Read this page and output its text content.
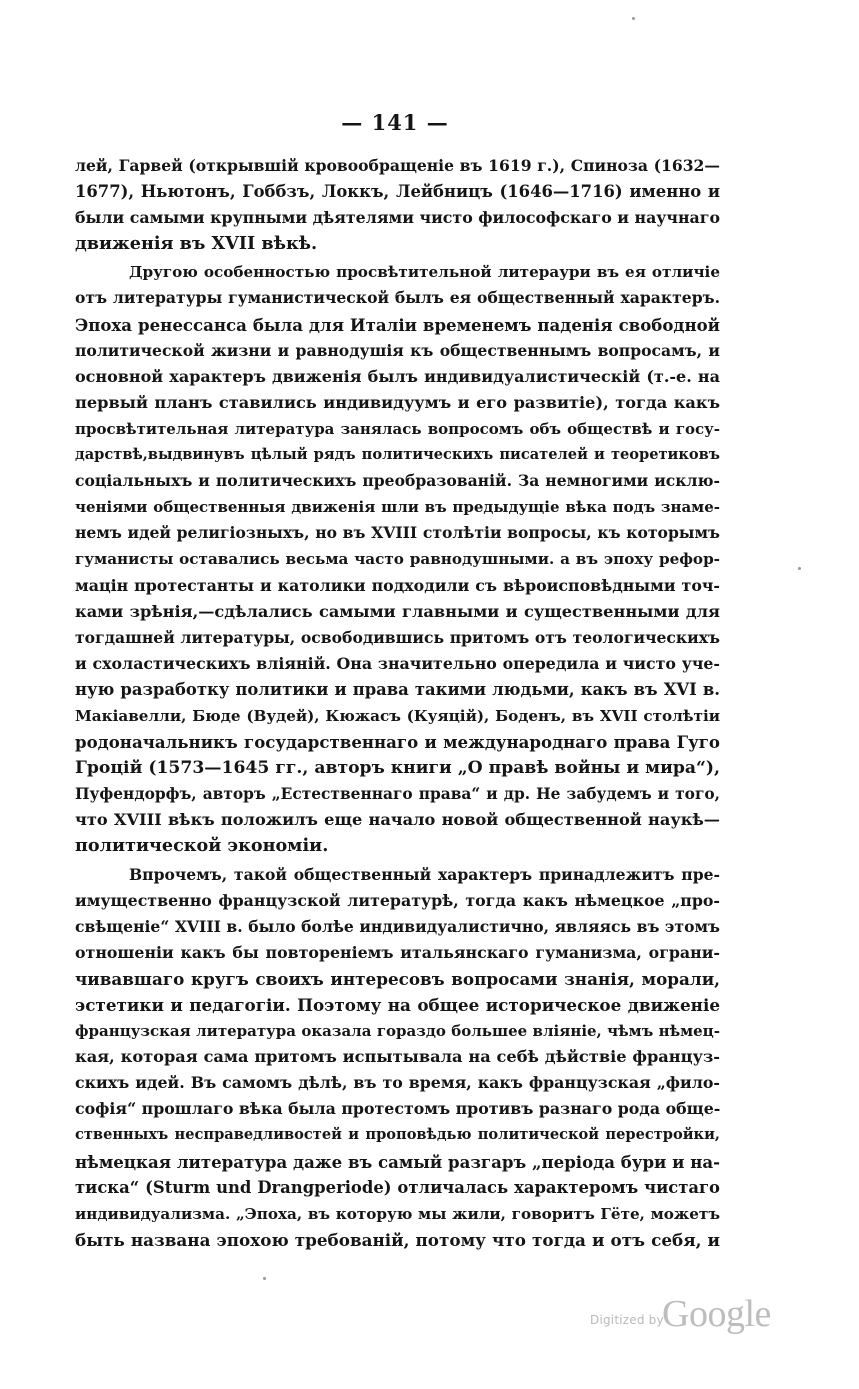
— 141 —
лей, Гарвей (открывшій кровообращеніе въ 1619 г.), Спиноза (1632—
1677), Ньютонъ, Гоббзъ, Локкъ, Лейбницъ (1646—1716) именно и
были самыми крупными дѣятелями чисто философскаго и научнаго
движенія въ XVII вѣкѣ.
Другою особенностью просвѣтительной литераури въ ея отличіе
отъ литературы гуманистической былъ ея общественный характеръ.
Эпоха ренессанса была для Италіи временемъ паденія свободной
политической жизни и равнодушія къ общественнымъ вопросамъ, и
основной характеръ движенія былъ индивидуалистическій (т.-е. на
первый планъ ставились индивидуумъ и его развитіе), тогда какъ
просвѣтительная литература занялась вопросомъ объ обществѣ и госу-
дарствѣ,выдвинувъ цѣлый рядъ политическихъ писателей и теоретиковъ
соціальныхъ и политическихъ преобразованій. За немногими исклю-
ченіями общественныя движенія шли въ предыдущіе вѣка подъ знаме-
немъ идей религіозныхъ, но въ XVIII столѣтіи вопросы, къ которымъ
гуманисты оставались весьма часто равнодушными. а въ эпоху рефор-
мацін протестанты и католики подходили съ вѣроисповѣдными точ-
ками зрѣнія,—сдѣлались самыми главными и существенными для
тогдашней литературы, освободившись притомъ отъ теологическихъ
и схоластическихъ вліяній. Она значительно опередила и чисто уче-
ную разработку политики и права такими людьми, какъ въ XVI в.
Макіавелли, Бюде (Вудей), Кюжасъ (Куяцій), Боденъ, въ XVII столѣтіи
родоначальникъ государственнаго и международнаго права Гуго
Гроцій (1573—1645 гг., авторъ книги „О правѣ войны и мира“),
Пуфендорфъ, авторъ „Естественнаго права“ и др. Не забудемъ и того,
что XVIII вѣкъ положилъ еще начало новой общественной наукѣ—
политической экономіи.
Впрочемъ, такой общественный характеръ принадлежитъ пре-
имущественно французской литературѣ, тогда какъ нѣмецкое „про-
свѣщеніе“ XVIII в. было болѣе индивидуалистично, являясь въ этомъ
отношеніи какъ бы повтореніемъ итальянскаго гуманизма, ограни-
чивавшаго кругъ своихъ интересовъ вопросами знанія, морали,
эстетики и педагогіи. Поэтому на общее историческое движеніе
французская литература оказала гораздо большее вліяніе, чѣмъ нѣмец-
кая, которая сама притомъ испытывала на себѣ дѣйствіе француз-
скихъ идей. Въ самомъ дѣлѣ, въ то время, какъ французская „фило-
софія“ прошлаго вѣка была протестомъ противъ разнаго рода обще-
ственныхъ несправедливостей и проповѣдью политической перестройки,
нѣмецкая литература даже въ самый разгаръ „періода бури и на-
тиска“ (Sturm und Drangperiode) отличалась характеромъ чистаго
индивидуализма. „Эпоха, въ которую мы жили, говоритъ Гёте, можетъ
быть названа эпохою требованій, потому что тогда и отъ себя, и
Digitized by
Google
